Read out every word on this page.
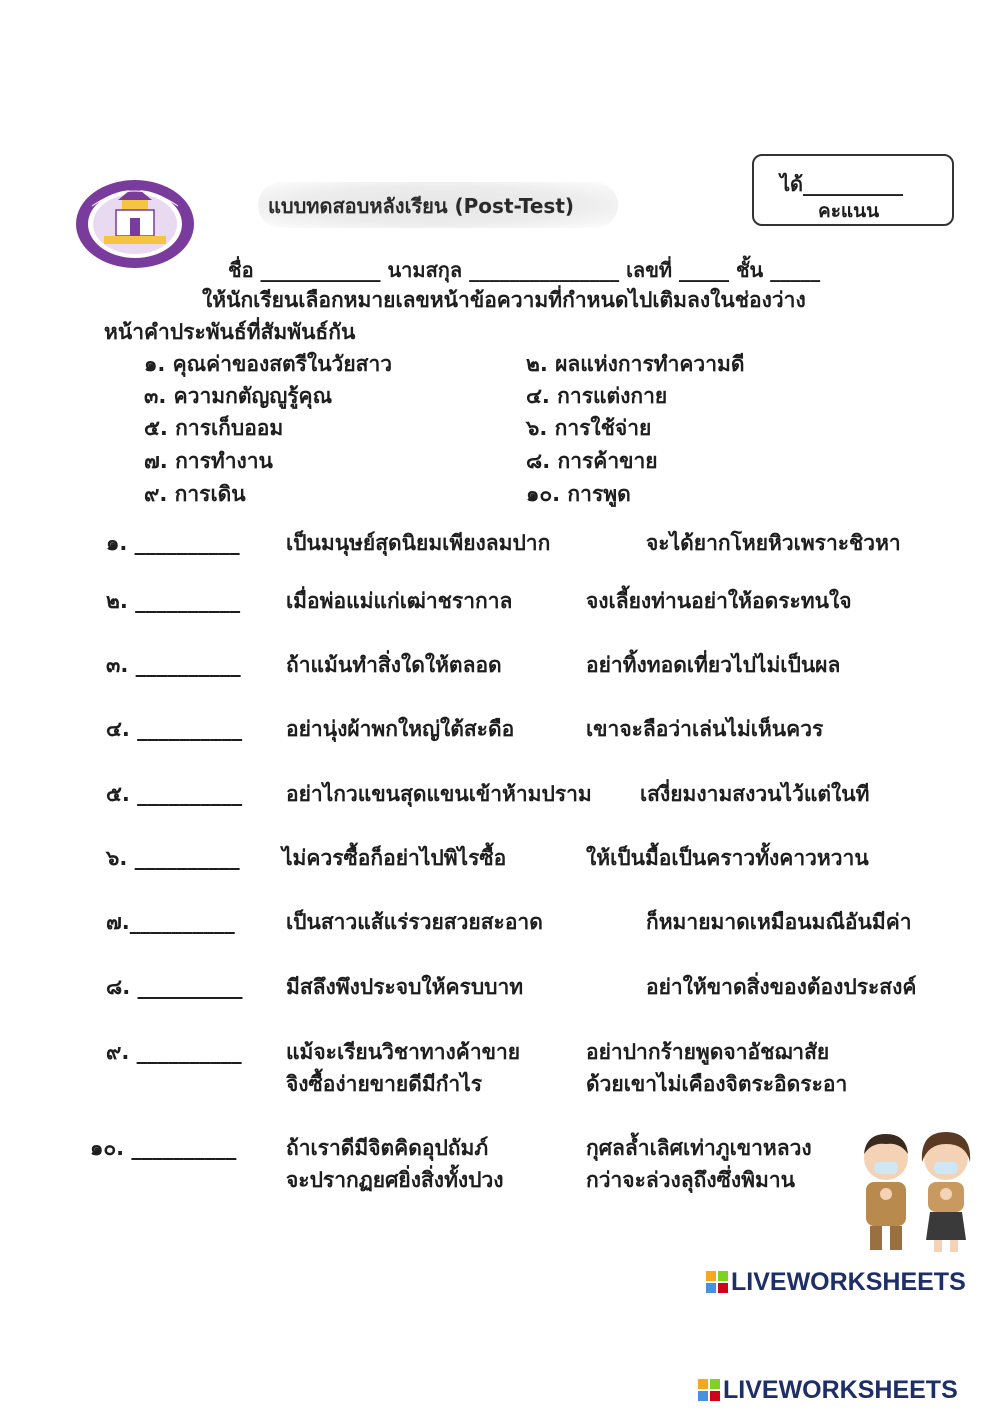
แบบทดสอบหลังเรียน (Post-Test)
ได้__________
คะแนน
ชื่อ ____________ นามสกุล _______________ เลขที่ _____ ชั้น _____
ให้นักเรียนเลือกหมายเลขหน้าข้อความที่กำหนดไปเติมลงในช่องว่าง
หน้าคำประพันธ์ที่สัมพันธ์กัน
๑. คุณค่าของสตรีในวัยสาว	๒. ผลแห่งการทำความดี
๓. ความกตัญญูรู้คุณ	๔. การแต่งกาย
๕. การเก็บออม	๖. การใช้จ่าย
๗. การทำงาน	๘. การค้าขาย
๙. การเดิน	๑๐. การพูด
๑. __________ เป็นมนุษย์สุดนิยมเพียงลมปาก	จะได้ยากโหยหิวเพราะชิวหา
๒. __________ เมื่อพ่อแม่แก่เฒ่าชรากาล	จงเลี้ยงท่านอย่าให้อดระทนใจ
๓. __________ ถ้าแม้นทำสิ่งใดให้ตลอด	อย่าทิ้งทอดเที่ยวไปไม่เป็นผล
๔. __________ อย่านุ่งผ้าพกใหญ่ใต้สะดือ	เขาจะลือว่าเล่นไม่เห็นควร
๕. __________ อย่าไกวแขนสุดแขนเข้าห้ามปราม เสงี่ยมงามสงวนไว้แต่ในที
๖. __________ ไม่ควรซื้อก็อย่าไปพิไรซื้อ	ให้เป็นมื้อเป็นคราวทั้งคาวหวาน
๗.__________ เป็นสาวแส้แร่รวยสวยสะอาด	ก็หมายมาดเหมือนมณีอันมีค่า
๘. __________ มีสลึงพึงประจบให้ครบบาท	อย่าให้ขาดสิ่งของต้องประสงค์
๙. __________ แม้จะเรียนวิชาทางค้าขาย	อย่าปากร้ายพูดจาอัชฌาสัย
จิงซื้อง่ายขายดีมีกำไร	ด้วยเขาไม่เคืองจิตระอิดระอา
๑๐. __________ ถ้าเราดีมีจิตคิดอุปถัมภ์	กุศลล้ำเลิศเท่าภูเขาหลวง
จะปรากฏยศยิ่งสิ่งทั้งปวง	กว่าจะล่วงลุถึงซึ่งพิมาน
LIVEWORKSHEETS
LIVEWORKSHEETS
